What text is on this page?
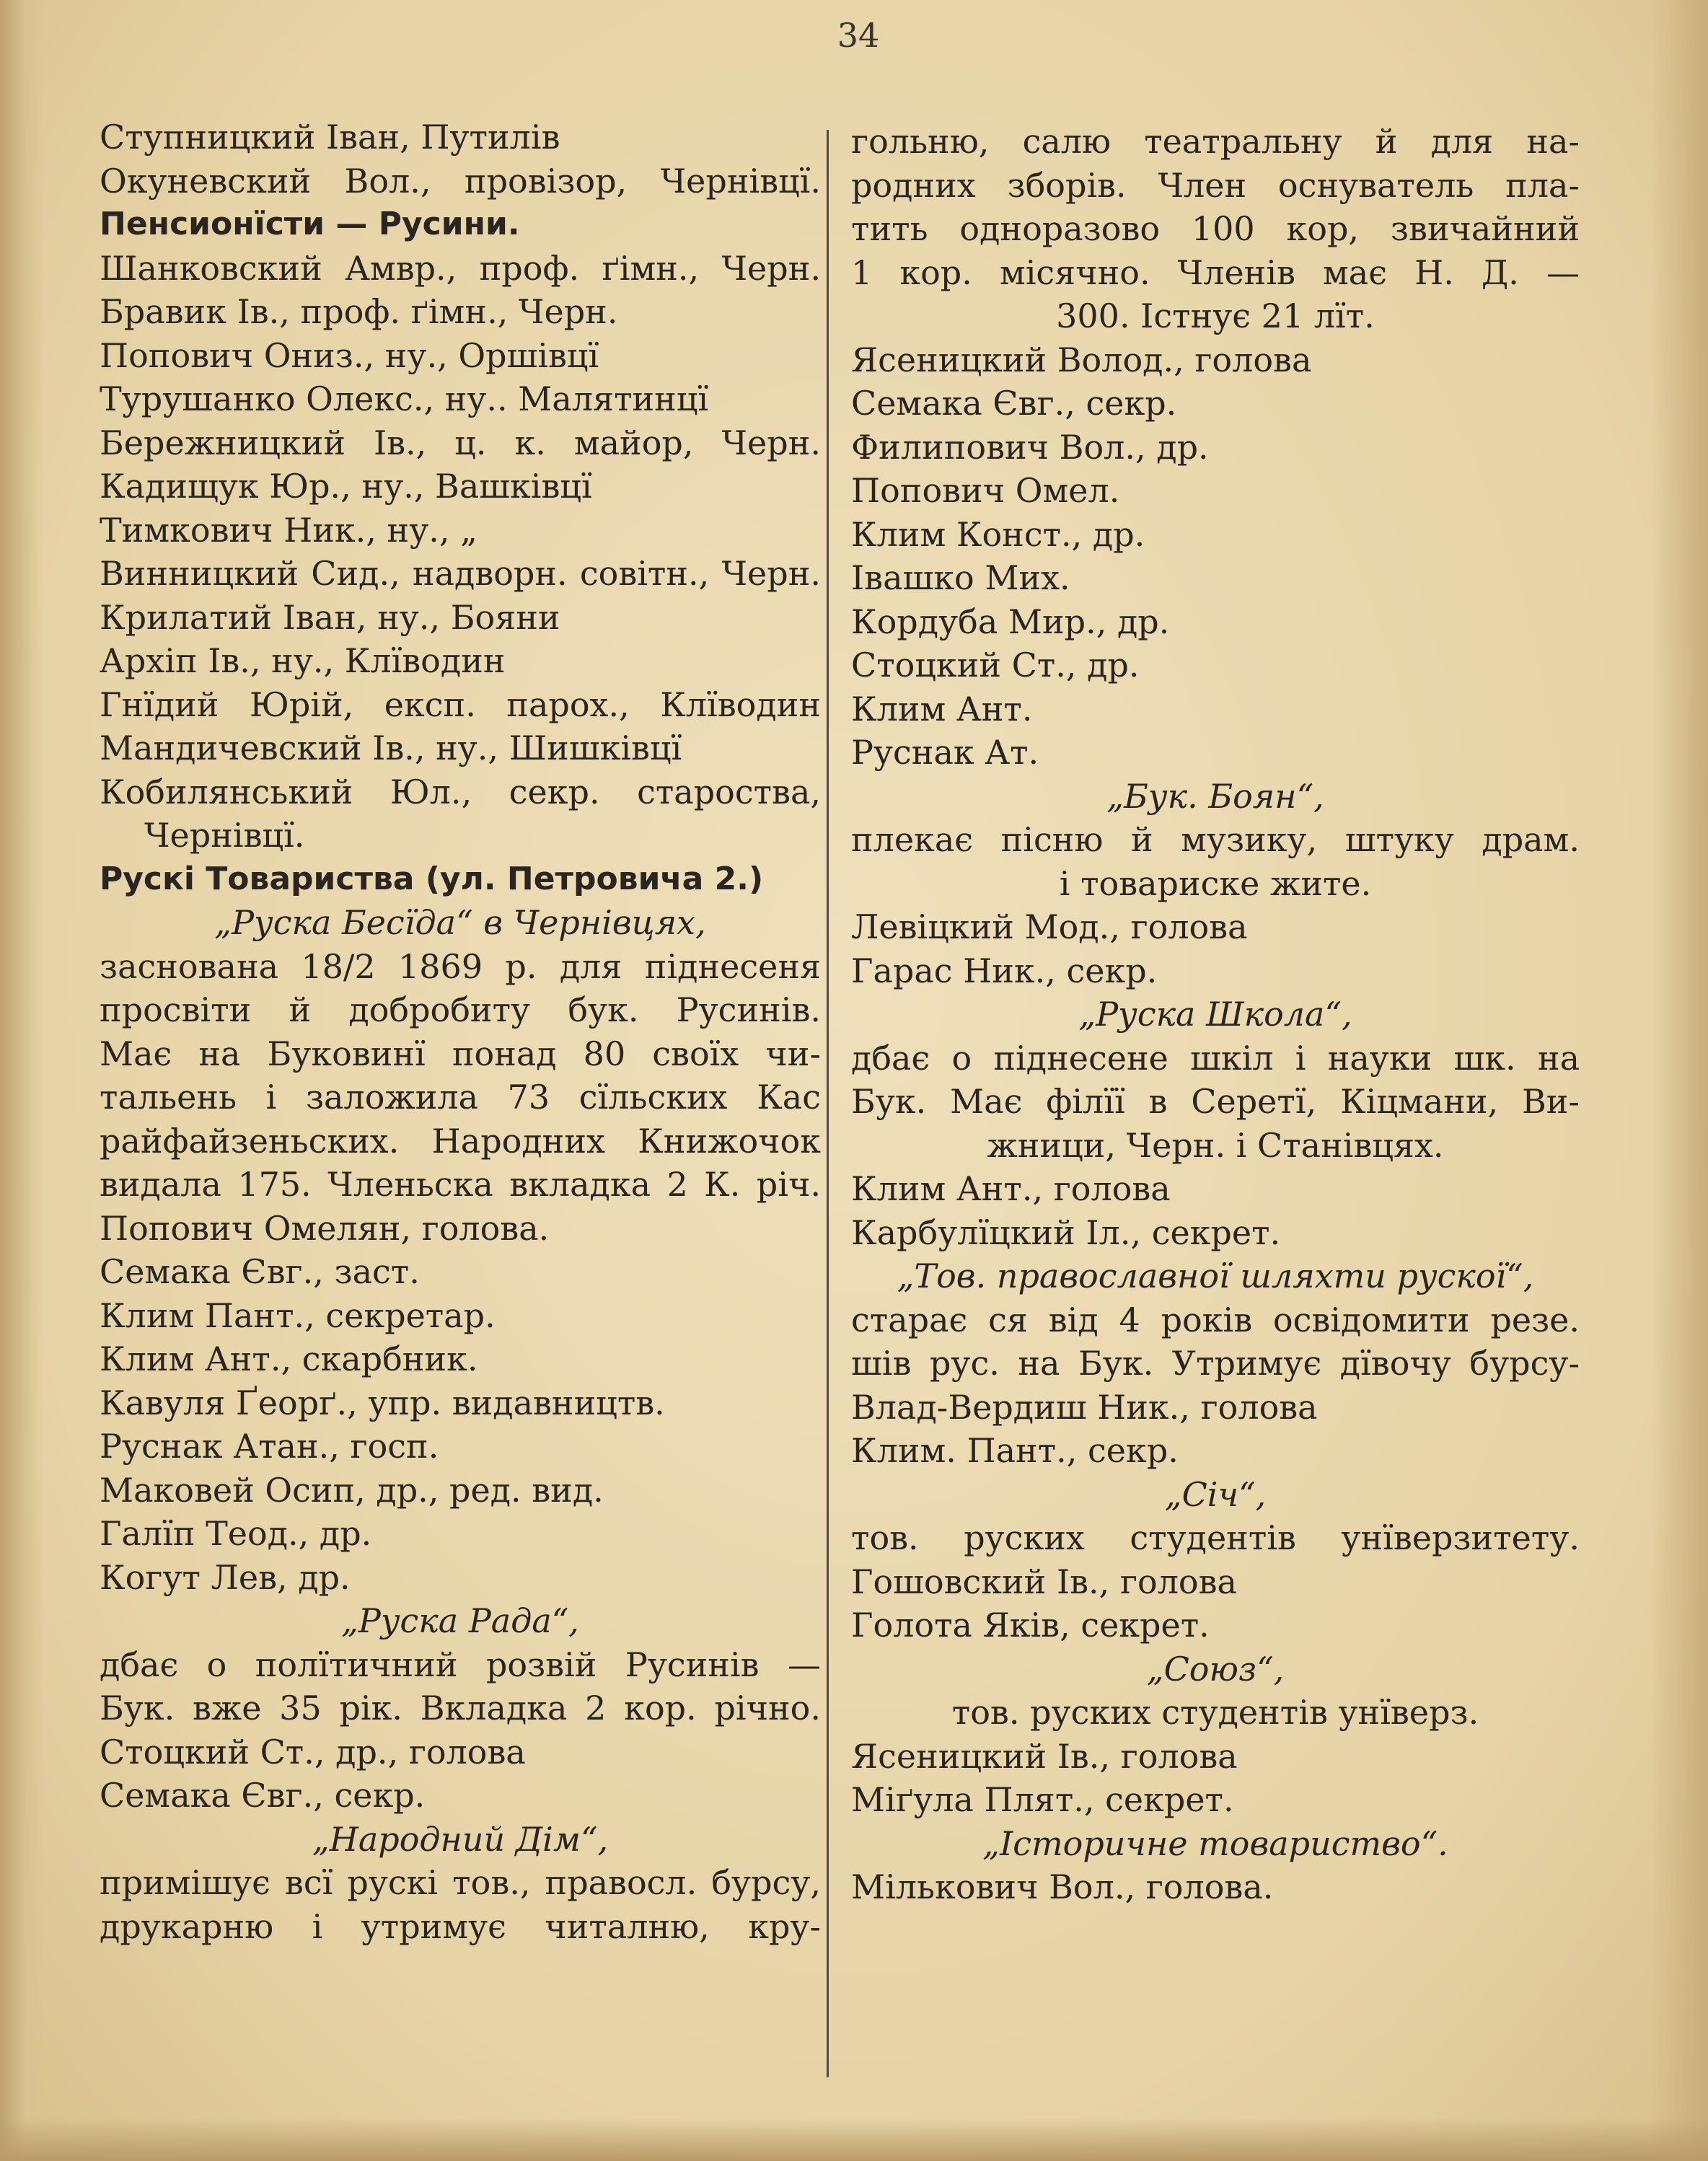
34
Ступницкий Іван, Путилів
Окуневский Вол., провізор, Чернівцї.
Пенсионїсти — Русини.
Шанковский Амвр., проф. ґімн., Черн.
Бравик Ів., проф. ґімн., Черн.
Попович Ониз., ну., Оршівцї
Турушанко Олекс., ну.. Малятинцї
Бережницкий Ів., ц. к. майор, Черн.
Кадищук Юр., ну., Вашківцї
Тимкович Ник., ну., „
Винницкий Сид., надворн. совітн., Черн.
Крилатий Іван, ну., Бояни
Архіп Ів., ну., Клїводин
Гнїдий Юрій, експ. парох., Клїводин
Мандичевский Ів., ну., Шишківцї
Кобилянський Юл., секр. староства,
Чернівцї.
Рускі Товариства (ул. Петровича 2.)
„Руска Бесїда“ в Чернівцях,
заснована 18/2 1869 р. для пiднесеня
просвіти й добробиту бук. Русинів.
Має на Буковинї понад 80 своїх чи-
тальень і заложила 73 сїльских Кас
райфайзеньских. Народних Книжочок
видала 175. Членьска вкладка 2 К. річ.
Попович Омелян, голова.
Семака Євг., заст.
Клим Пант., секретар.
Клим Ант., скарбник.
Кавуля Ґеорґ., упр. видавництв.
Руснак Атан., госп.
Маковей Осип, др., ред. вид.
Галїп Теод., др.
Когут Лев, др.
„Руска Рада“,
дбає о полїтичний розвій Русинів —
Бук. вже 35 рік. Вкладка 2 кор. річно.
Стоцкий Ст., др., голова
Семака Євг., секр.
„Народний Дім“,
примішує всї рускі тов., правосл. бурсу,
друкарню і утримує читалню, кру-
гольню, салю театральну й для на-
родних зборів. Член оснуватель пла-
тить одноразово 100 кор, звичайний
1 кор. місячно. Членів має Н. Д. —
300. Істнує 21 лїт.
Ясеницкий Волод., голова
Семака Євг., секр.
Филипович Вол., др.
Попович Омел.
Клим Конст., др.
Івашко Мих.
Кордуба Мир., др.
Стоцкий Ст., др.
Клим Ант.
Руснак Ат.
„Бук. Боян“,
плекає пісню й музику, штуку драм.
і товариске жите.
Левіцкий Мод., голова
Гарас Ник., секр.
„Руска Школа“,
дбає о піднесене шкіл і науки шк. на
Бук. Має філїї в Серетї, Кіцмани, Ви-
жници, Черн. і Станівцях.
Клим Ант., голова
Карбулїцкий Іл., секрет.
„Тов. православної шляхти рускої“,
старає ся від 4 років освідомити резе.
шів рус. на Бук. Утримує дївочу бурсу-
Влад-Вердиш Ник., голова
Клим. Пант., секр.
„Січ“,
тов. руских студентів унїверзитету.
Гошовский Ів., голова
Голота Яків, секрет.
„Союз“,
тов. руских студентів унїверз.
Ясеницкий Ів., голова
Міґула Плят., секрет.
„Історичне товариство“.
Мількович Вол., голова.
